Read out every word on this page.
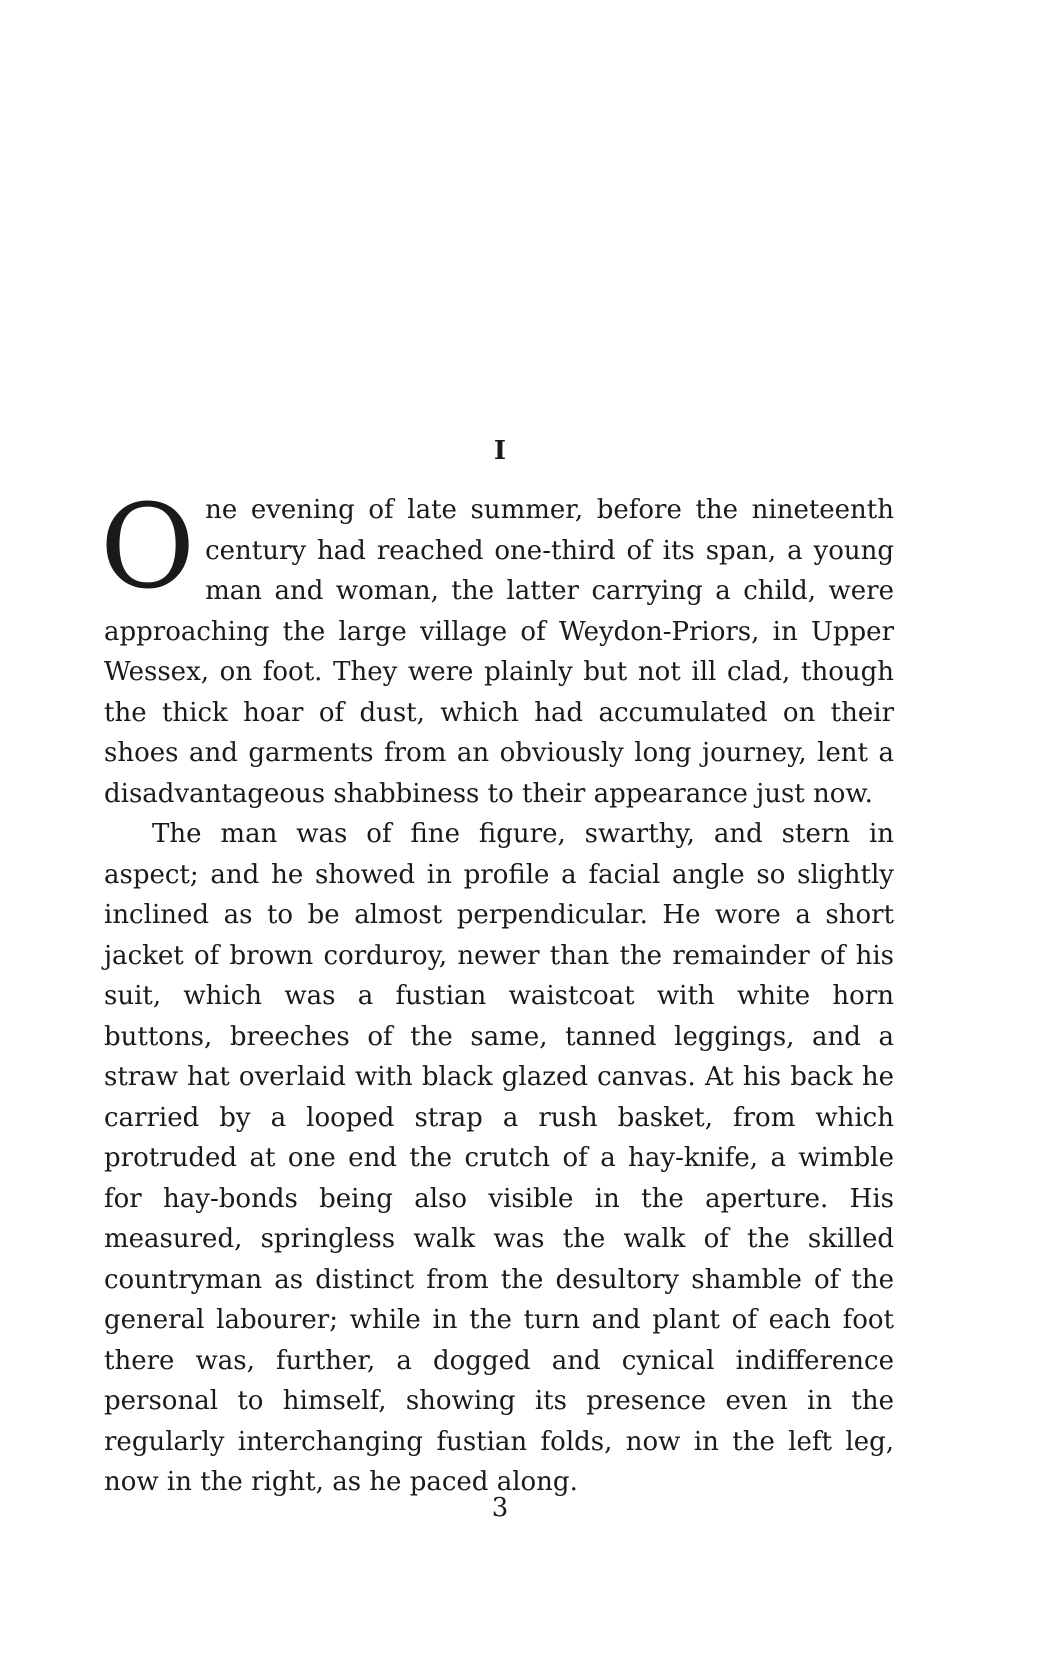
I

One evening of late summer, before the nineteenth century had reached one-third of its span, a young man and woman, the latter carrying a child, were approaching the large village of Weydon-Priors, in Upper Wessex, on foot. They were plainly but not ill clad, though the thick hoar of dust, which had accumulated on their shoes and garments from an obviously long journey, lent a disadvantageous shabbiness to their appearance just now.

The man was of fine figure, swarthy, and stern in aspect; and he showed in profile a facial angle so slightly inclined as to be almost perpendicular. He wore a short jacket of brown corduroy, newer than the remainder of his suit, which was a fustian waistcoat with white horn buttons, breeches of the same, tanned leggings, and a straw hat overlaid with black glazed canvas. At his back he carried by a looped strap a rush basket, from which protruded at one end the crutch of a hay-knife, a wimble for hay-bonds being also visible in the aperture. His measured, springless walk was the walk of the skilled countryman as distinct from the desultory shamble of the general labourer; while in the turn and plant of each foot there was, further, a dogged and cynical indifference personal to himself, showing its presence even in the regularly interchanging fustian folds, now in the left leg, now in the right, as he paced along.

3
